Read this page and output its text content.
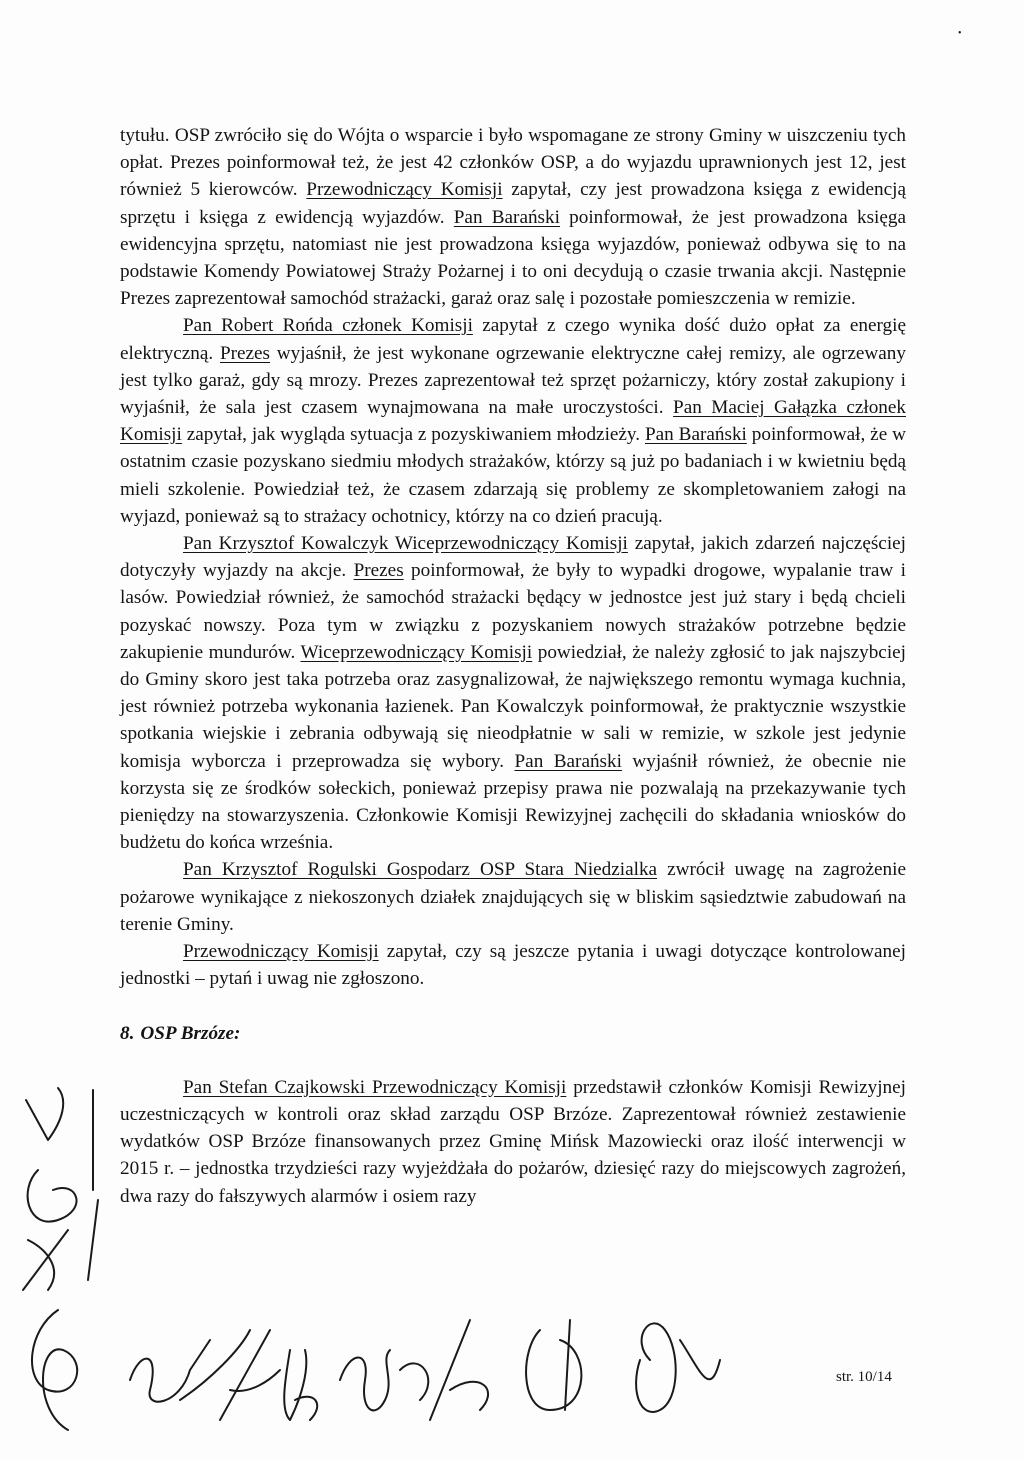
•

tytułu. OSP zwróciło się do Wójta o wsparcie i było wspomagane ze strony Gminy w uiszczeniu tych opłat. Prezes poinformował też, że jest 42 członków OSP, a do wyjazdu uprawnionych jest 12, jest również 5 kierowców. Przewodniczący Komisji zapytał, czy jest prowadzona księga z ewidencją sprzętu i księga z ewidencją wyjazdów. Pan Barański poinformował, że jest prowadzona księga ewidencyjna sprzętu, natomiast nie jest prowadzona księga wyjazdów, ponieważ odbywa się to na podstawie Komendy Powiatowej Straży Pożarnej i to oni decydują o czasie trwania akcji. Następnie Prezes zaprezentował samochód strażacki, garaż oraz salę i pozostałe pomieszczenia w remizie.

Pan Robert Rońda członek Komisji zapytał z czego wynika dość dużo opłat za energię elektryczną. Prezes wyjaśnił, że jest wykonane ogrzewanie elektryczne całej remizy, ale ogrzewany jest tylko garaż, gdy są mrozy. Prezes zaprezentował też sprzęt pożarniczy, który został zakupiony i wyjaśnił, że sala jest czasem wynajmowana na małe uroczystości. Pan Maciej Gałązka członek Komisji zapytał, jak wygląda sytuacja z pozyskiwaniem młodzieży. Pan Barański poinformował, że w ostatnim czasie pozyskano siedmiu młodych strażaków, którzy są już po badaniach i w kwietniu będą mieli szkolenie. Powiedział też, że czasem zdarzają się problemy ze skompletowaniem załogi na wyjazd, ponieważ są to strażacy ochotnicy, którzy na co dzień pracują.

Pan Krzysztof Kowalczyk Wiceprzewodniczący Komisji zapytał, jakich zdarzeń najczęściej dotyczyły wyjazdy na akcje. Prezes poinformował, że były to wypadki drogowe, wypalanie traw i lasów. Powiedział również, że samochód strażacki będący w jednostce jest już stary i będą chcieli pozyskać nowszy. Poza tym w związku z pozyskaniem nowych strażaków potrzebne będzie zakupienie mundurów. Wiceprzewodniczący Komisji powiedział, że należy zgłosić to jak najszybciej do Gminy skoro jest taka potrzeba oraz zasygnalizował, że największego remontu wymaga kuchnia, jest również potrzeba wykonania łazienek. Pan Kowalczyk poinformował, że praktycznie wszystkie spotkania wiejskie i zebrania odbywają się nieodpłatnie w sali w remizie, w szkole jest jedynie komisja wyborcza i przeprowadza się wybory. Pan Barański wyjaśnił również, że obecnie nie korzysta się ze środków sołeckich, ponieważ przepisy prawa nie pozwalają na przekazywanie tych pieniędzy na stowarzyszenia. Członkowie Komisji Rewizyjnej zachęcili do składania wniosków do budżetu do końca września.

Pan Krzysztof Rogulski Gospodarz OSP Stara Niedzialka zwrócił uwagę na zagrożenie pożarowe wynikające z niekoszonych działek znajdujących się w bliskim sąsiedztwie zabudowań na terenie Gminy.

Przewodniczący Komisji zapytał, czy są jeszcze pytania i uwagi dotyczące kontrolowanej jednostki – pytań i uwag nie zgłoszono.

8. OSP Brzóze:

Pan Stefan Czajkowski Przewodniczący Komisji przedstawił członków Komisji Rewizyjnej uczestniczących w kontroli oraz skład zarządu OSP Brzóze. Zaprezentował również zestawienie wydatków OSP Brzóze finansowanych przez Gminę Mińsk Mazowiecki oraz ilość interwencji w 2015 r. – jednostka trzydzieści razy wyjeżdżała do pożarów, dziesięć razy do miejscowych zagrożeń, dwa razy do fałszywych alarmów i osiem razy

str. 10/14
